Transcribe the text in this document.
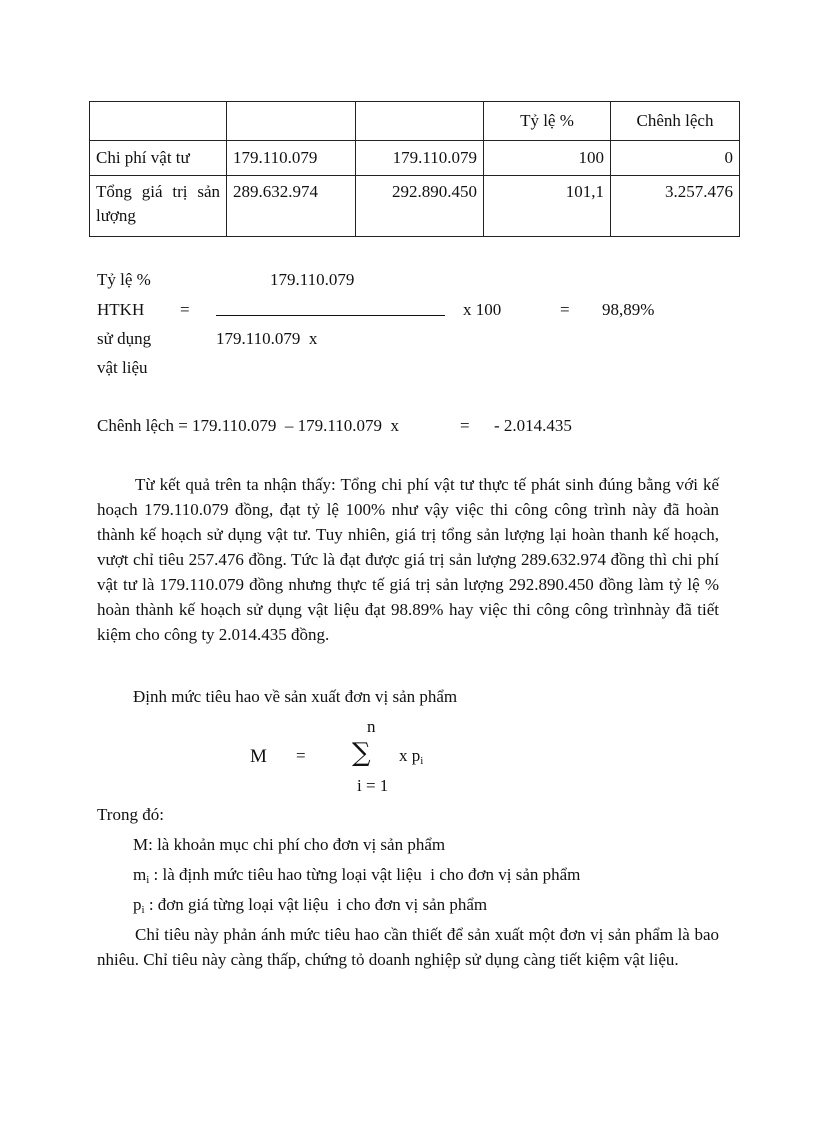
			Tỷ lệ %	Chênh lệch
Chi phí vật tư	179.110.079	179.110.079	100	0
Tổng giá trị sản lượng	289.632.974	292.890.450	101,1	3.257.476
Tỷ lệ %
HTKH
sử dụng
vật liệu
=
179.110.079
179.110.079  x
x 100	= 98,89%
Chênh lệch = 179.110.079  – 179.110.079  x	= - 2.014.435

Từ kết quả trên ta nhận thấy: Tổng chi phí vật tư thực tế phát sinh đúng bằng với kế hoạch 179.110.079 đồng, đạt tỷ lệ 100% như vậy việc thi công công trình này đã hoàn thành kế hoạch sử dụng vật tư. Tuy nhiên, giá trị tổng sản lượng lại hoàn thanh kế hoạch, vượt chỉ tiêu 257.476 đồng. Tức là đạt được giá trị sản lượng 289.632.974 đồng thì chi phí vật tư là 179.110.079 đồng nhưng thực tế giá trị sản lượng 292.890.450 đồng làm tỷ lệ % hoàn thành kế hoạch sử dụng vật liệu đạt 98.89% hay việc thi công công trìnhnày đã tiết kiệm cho công ty 2.014.435 đồng.

Định mức tiêu hao về sản xuất đơn vị sản phẩm
M =
n
∑ x $p_i$
i = 1
Trong đó:
M: là khoản mục chi phí cho đơn vị sản phẩm
$m_i$ : là định mức tiêu hao từng loại vật liệu  i cho đơn vị sản phẩm
$p_i$ : đơn giá từng loại vật liệu  i cho đơn vị sản phẩm

Chỉ tiêu này phản ánh mức tiêu hao cần thiết để sản xuất một đơn vị sản phẩm là bao nhiêu. Chỉ tiêu này càng thấp, chứng tỏ doanh nghiệp sử dụng càng tiết kiệm vật liệu.
